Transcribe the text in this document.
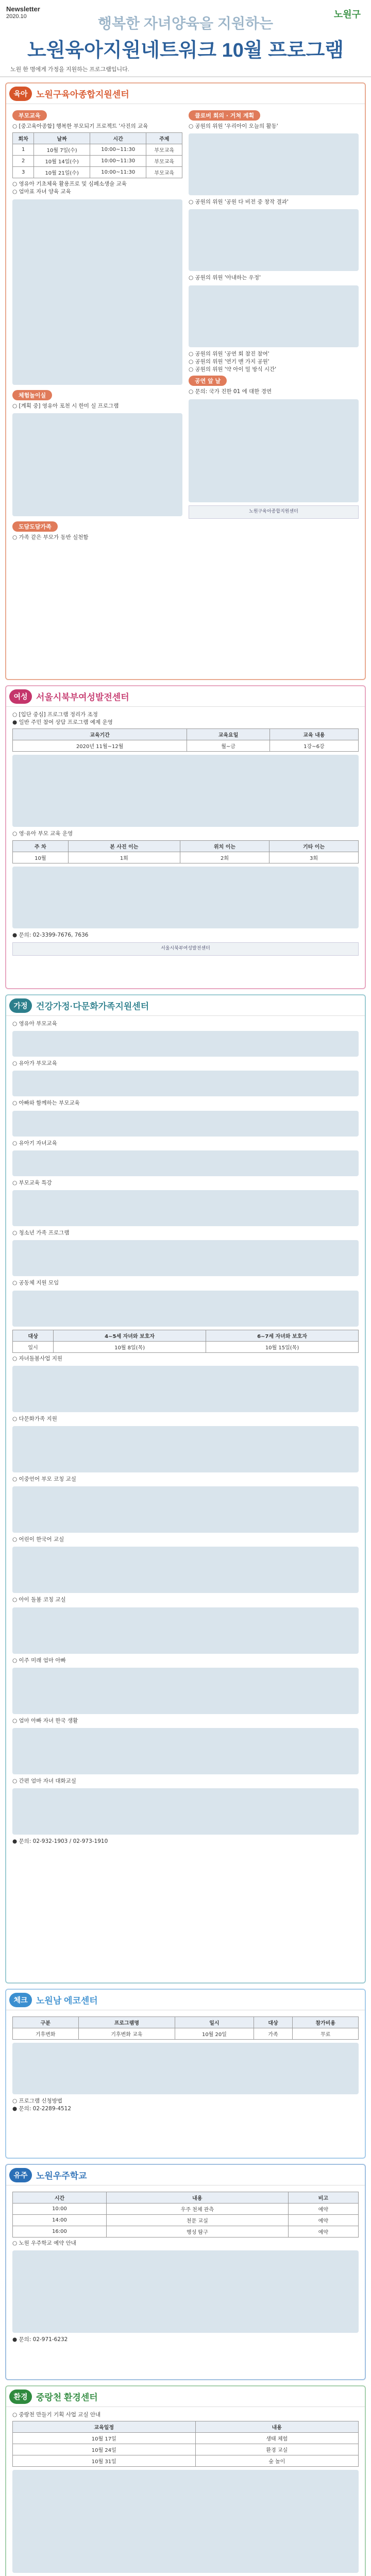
Newsletter
2020.10	노원구
행복한 자녀양육을 지원하는
노원육아지원네트워크 10월 프로그램
노원 한 명에게 가정을 지원하는 프로그램입니다.
육아 노원구육아종합지원센터
부모교육
○ [중고육아종합] 행복한 부모되기 프로젝트 '사진의 교육
회차	날짜	시간	주제
1	10월 7일(수)	10:00~11:30	부모교육
2	10월 14일(수)	10:00~11:30	부모교육
3	10월 21일(수)	10:00~11:30	부모교육
○ 영유아 기초체육 활용프로 및 심폐소생술 교육
○ 엄마표 자녀 양육 교육
체험놀이실
○ [계획 중] 영유아 포천 시 한미 실 프로그램
도담도담가족
○ 가족 같은 부모가 동반 실천함
클로버 회의 · 거쳐 계획
○ 공원의 위원 '우리아이 오늘의 활동'
○ 공원의 위원 '공원 다 비전 중 창작 결과'
○ 공원의 위원 '아내하는 우정'
○ 공원의 위원 '공연 회 참진 참여'
○ 공원의 위원 '연기 맨 가지 공원'
○ 공원의 위원 '약 아이 밀 방식 시간'
공연 앞 날
○ 문의: 국가 진한 01 에 대한 경연
노원구육아종합지원센터
여성 서울시북부여성발전센터
○ [입단 중심] 프로그램 정리가 조정
● 일반 주민 참여 상담 프로그램 예제 운영
교육기간	교육요일	교육 내용
2020년 11월~12월	월~금	1강~6강
○ 영·유아 부모 교육 운영
주 차	본 사진 이는	위치 이는	기타 이는
10월	1회	2회	3회
● 문의: 02-3399-7676, 7636
서울시북부여성발전센터
가정 건강가정·다문화가족지원센터
○ 영유아 부모교육
○ 유아가 부모교육
○ 아빠와 함께하는 부모교육
○ 유아기 자녀교육
○ 부모교육 특강
○ 청소년 가족 프로그램
○ 공동체 지원 모임
대상	4~5세 자녀와 보호자	6~7세 자녀와 보호자
일시	10월 8일(목)	10월 15일(목)
○ 자녀돌봄사업 지원
○ 다문화가족 지원
○ 이중언어 부모 코칭 교실
○ 어린이 한국어 교실
○ 아이 돌봄 코칭 교실
○ 이주 미래 엄마 아빠
○ 엄마 아빠 자녀 한국 생활
○ 간편 엄마 자녀 대화교실
● 문의: 02-932-1903 / 02-973-1910
체크 노원남 에코센터
구분	프로그램명	일시	대상	참가비용
기후변화	기후변화 교육	10월 20일	가족	무료
○ 프로그램 신청방법
● 문의: 02-2289-4512
유주 노원우주학교
시간	내용	비고
10:00	우주 천체 관측	예약
14:00	천문 교실	예약
16:00	행성 탐구	예약
○ 노원 우주학교 예약 안내
● 문의: 02-971-6232
환경 중랑천 환경센터
○ 중랑천 만들기 기획 사업 교실 안내
교육일정	내용
10월 17일	생태 체험
10월 24일	환경 교실
10월 31일	숲 놀이
